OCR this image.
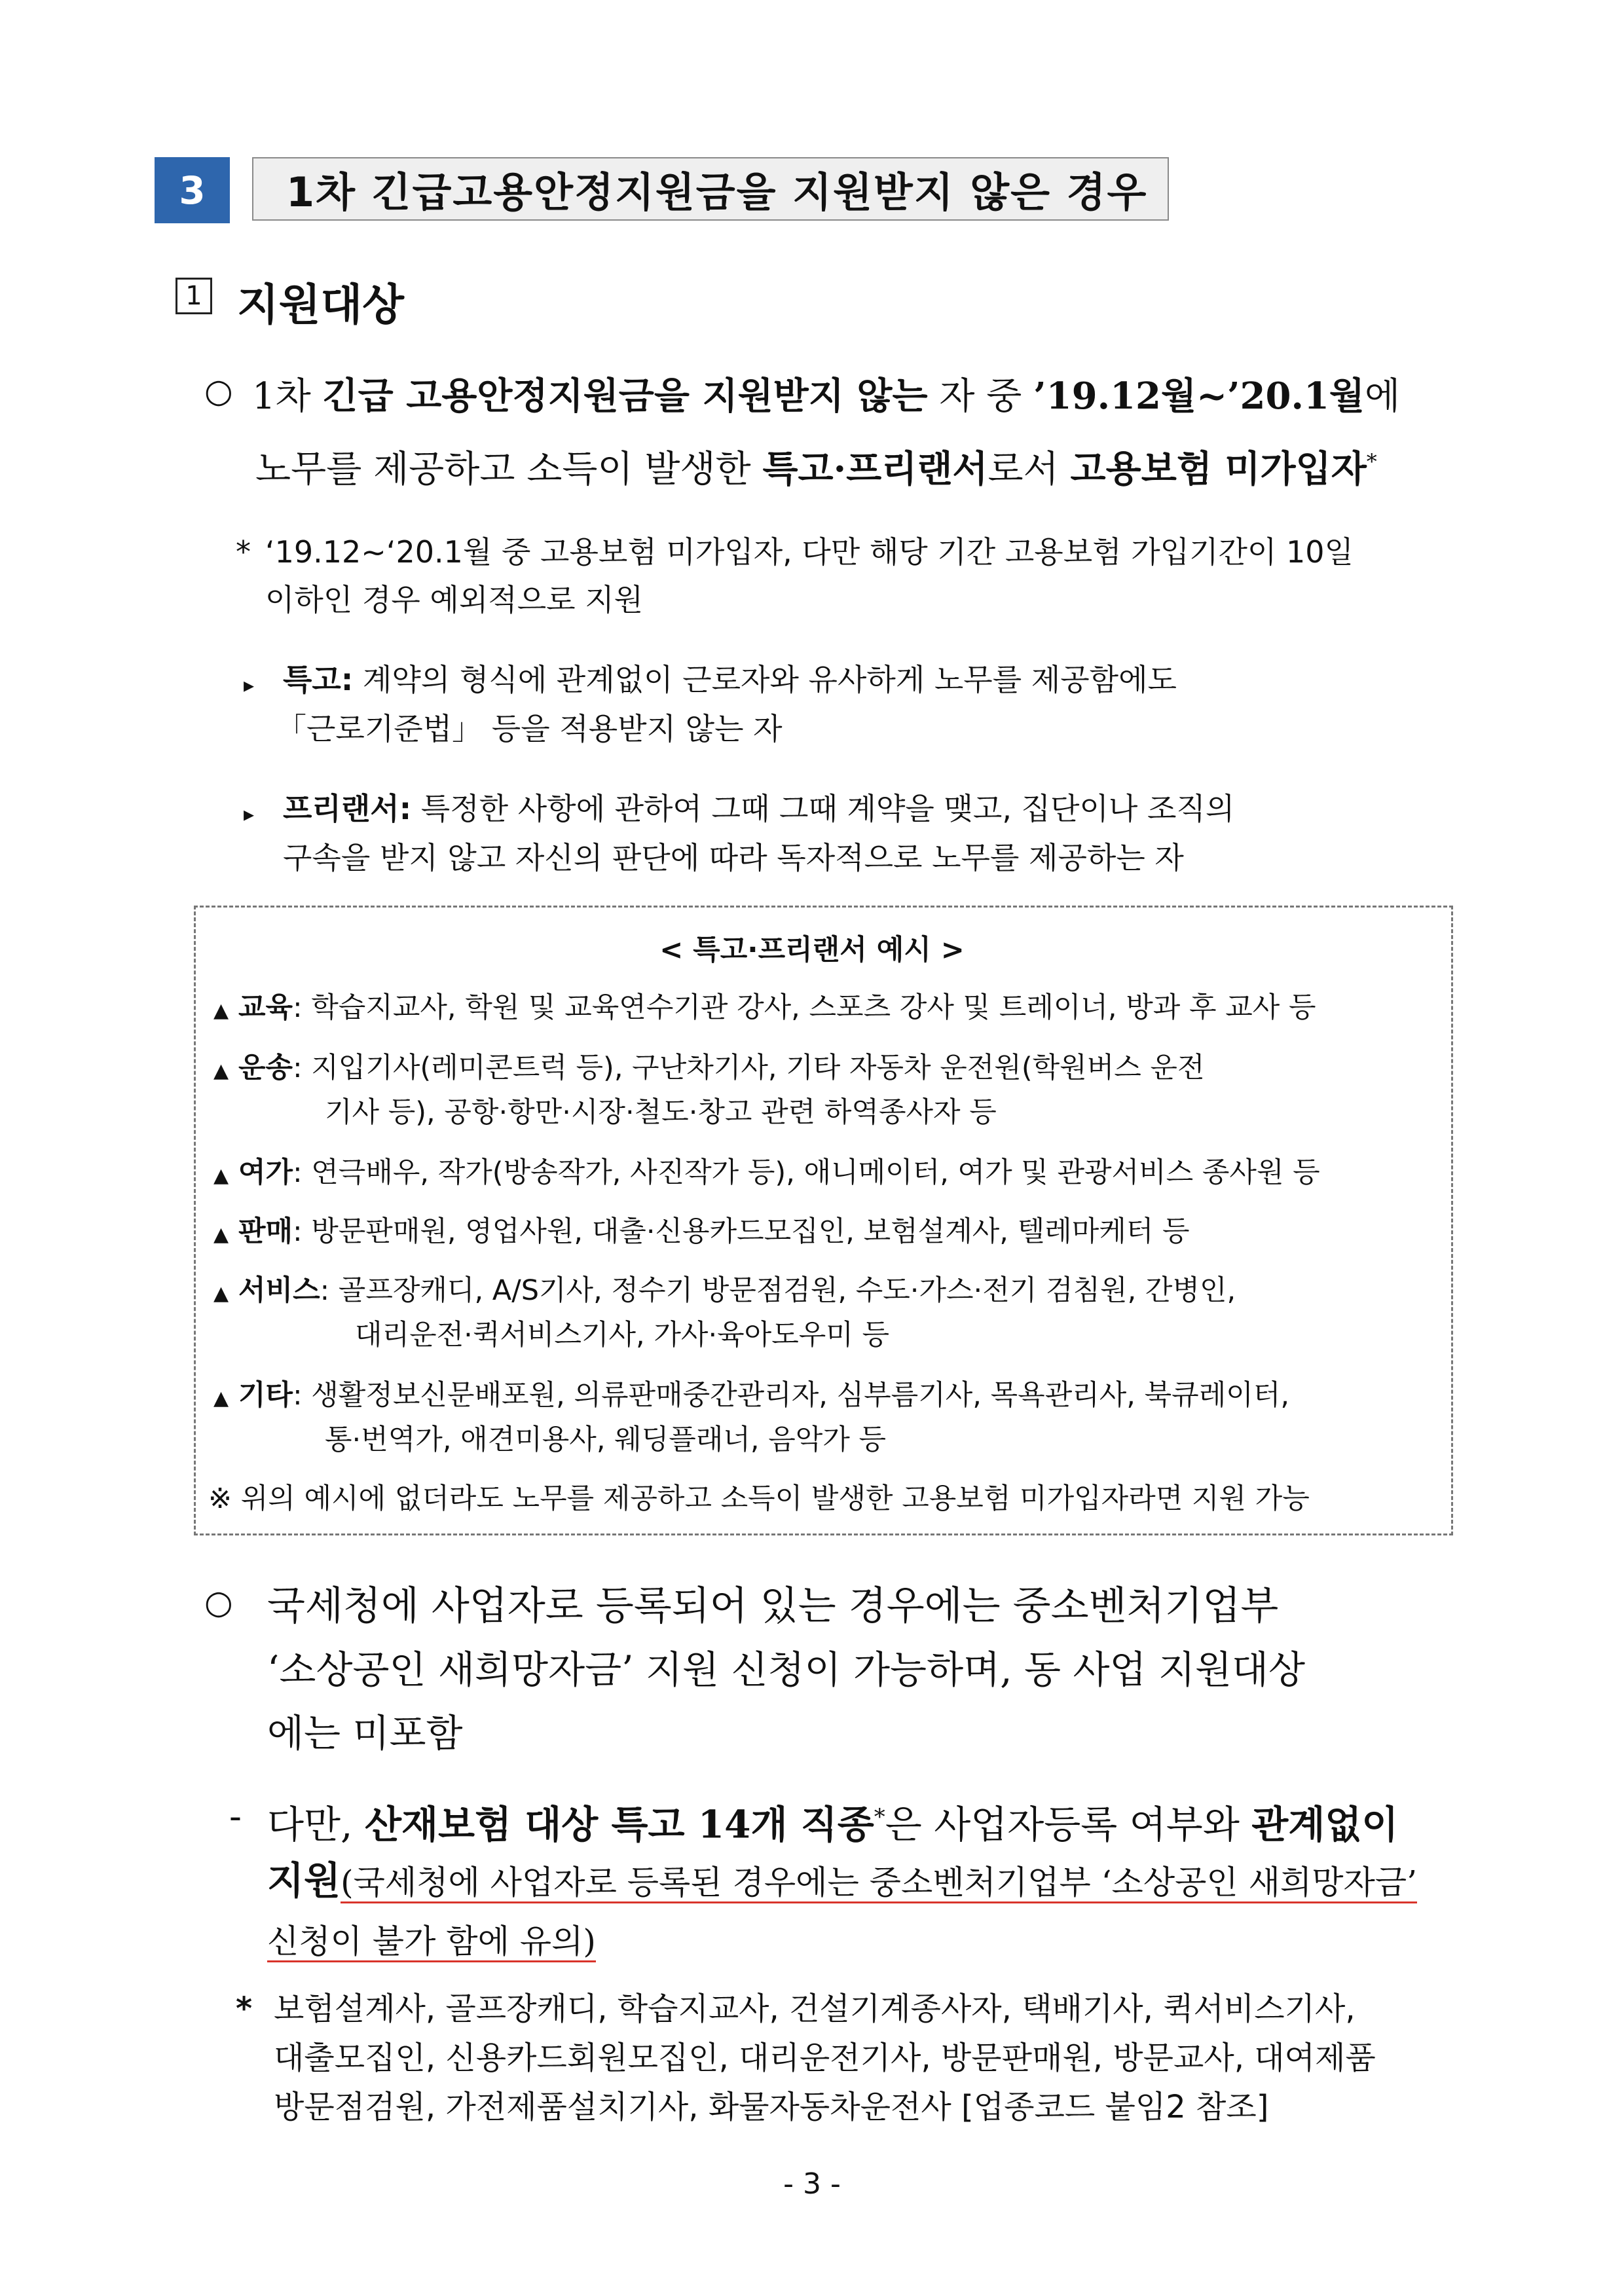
3	1차 긴급고용안정지원금을 지원받지 않은 경우
1 지원대상
○ 1차 긴급 고용안정지원금을 지원받지 않는 자 중 ’19.12월~’20.1월에
노무를 제공하고 소득이 발생한 특고·프리랜서로서 고용보험 미가입자*
* ‘19.12~‘20.1월 중 고용보험 미가입자, 다만 해당 기간 고용보험 가입기간이 10일
이하인 경우 예외적으로 지원
▸ 특고: 계약의 형식에 관계없이 근로자와 유사하게 노무를 제공함에도
「근로기준법」 등을 적용받지 않는 자
▸ 프리랜서: 특정한 사항에 관하여 그때 그때 계약을 맺고, 집단이나 조직의
구속을 받지 않고 자신의 판단에 따라 독자적으로 노무를 제공하는 자
< 특고·프리랜서 예시 >
▲ 교육: 학습지교사, 학원 및 교육연수기관 강사, 스포츠 강사 및 트레이너, 방과 후 교사 등
▲ 운송: 지입기사(레미콘트럭 등), 구난차기사, 기타 자동차 운전원(학원버스 운전
기사 등), 공항·항만·시장·철도·창고 관련 하역종사자 등
▲ 여가: 연극배우, 작가(방송작가, 사진작가 등), 애니메이터, 여가 및 관광서비스 종사원 등
▲ 판매: 방문판매원, 영업사원, 대출·신용카드모집인, 보험설계사, 텔레마케터 등
▲ 서비스: 골프장캐디, A/S기사, 정수기 방문점검원, 수도·가스·전기 검침원, 간병인,
대리운전·퀵서비스기사, 가사·육아도우미 등
▲ 기타: 생활정보신문배포원, 의류판매중간관리자, 심부름기사, 목욕관리사, 북큐레이터,
통·번역가, 애견미용사, 웨딩플래너, 음악가 등
※ 위의 예시에 없더라도 노무를 제공하고 소득이 발생한 고용보험 미가입자라면 지원 가능
○ 국세청에 사업자로 등록되어 있는 경우에는 중소벤처기업부
‘소상공인 새희망자금’ 지원 신청이 가능하며, 동 사업 지원대상
에는 미포함
- 다만, 산재보험 대상 특고 14개 직종*은 사업자등록 여부와 관계없이
지원(국세청에 사업자로 등록된 경우에는 중소벤처기업부 ‘소상공인 새희망자금’
신청이 불가 함에 유의)
* 보험설계사, 골프장캐디, 학습지교사, 건설기계종사자, 택배기사, 퀵서비스기사,
대출모집인, 신용카드회원모집인, 대리운전기사, 방문판매원, 방문교사, 대여제품
방문점검원, 가전제품설치기사, 화물자동차운전사 [업종코드 붙임2 참조]
- 3 -
